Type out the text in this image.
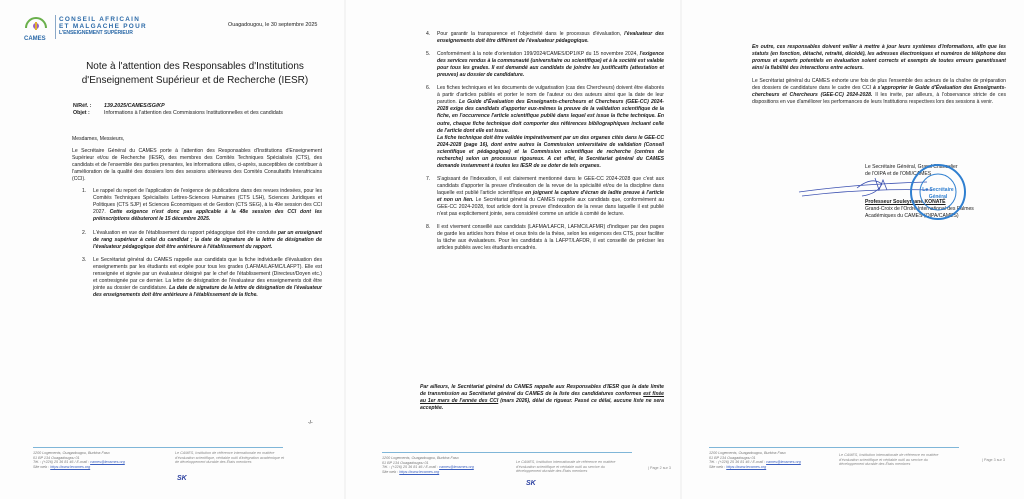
CAMES
CONSEIL AFRICAIN
ET MALGACHE POUR
L'ENSEIGNEMENT SUPÉRIEUR
Ouagadougou, le 30 septembre 2025
Note à l'attention des Responsables d'Institutions
d'Enseignement Supérieur et de Recherche (IESR)
N/Réf. : 139.2025/CAMES/SG/KP
Objet :	Informations à l'attention des Commissions Institutionnelles et des candidats

Mesdames, Messieurs,

Le Secrétaire Général du CAMES porte à l'attention des Responsables d'Institutions d'Enseignement Supérieur et/ou de Recherche (IESR), des membres des Comités Techniques Spécialisés (CTS), des candidats et de l'ensemble des parties prenantes, les informations utiles, ci-après, susceptibles de contribuer à l'amélioration de la qualité des dossiers lors des sessions ultérieures des Comités Consultatifs Interafricains (CCI).

1. Le rappel du report de l'application de l'exigence de publications dans des revues indexées, pour les Comités Techniques Spécialisés Lettres-Sciences Humaines (CTS LSH), Sciences Juridiques et Politiques (CTS SJP) et Sciences Économiques et de Gestion (CTS SEG), à la 49e session des CCI 2027. Cette exigence n'est donc pas applicable à la 48e session des CCI dont les préinscriptions débuteront le 15 décembre 2025.
2. L'évaluation en vue de l'établissement du rapport pédagogique doit être conduite par un enseignant de rang supérieur à celui du candidat ; la date de signature de la lettre de désignation de l'évaluateur pédagogique doit être antérieure à l'établissement du rapport.
3. Le Secrétariat général du CAMES rappelle aux candidats que la fiche individuelle d'évaluation des enseignements par les étudiants est exigée pour tous les grades (LAFMA/LAFMC/LAFPT). Elle est renseignée et signée par un évaluateur désigné par le chef de l'établissement (Directeur/Doyen etc.) et contresignée par ce dernier. La lettre de désignation de l'évaluateur des enseignements doit être jointe au dossier de candidature. La date de signature de la lettre de désignation de l'évaluateur des enseignements doit être antérieure à l'établissement de la fiche.
-/-
1200 Logements, Ouagadougou, Burkina Faso
01 BP 134 Ouagadougou 01
Tél. : (+226) 25 36 81 46 / E-mail : cames@lecames.org
Site web : https://www.lecames.org
Le CAMES, Institution de référence internationale en matière d'évaluation scientifique, véritable outil d'intégration académique et de développement durable des États membres
SK
4. Pour garantir la transparence et l'objectivité dans le processus d'évaluation, l'évaluateur des enseignements doit être différent de l'évaluateur pédagogique.
5. Conformément à la note d'orientation 199/2024/CAMES/DP1/KP du 15 novembre 2024, l'exigence des services rendus à la communauté (universitaire ou scientifique) et à la société est valable pour tous les grades. Il est demandé aux candidats de joindre les justificatifs (attestation et preuves) au dossier de candidature.
6. Les fiches techniques et les documents de vulgarisation (cas des Chercheurs) doivent être élaborés à partir d'articles publiés et porter le nom de l'auteur ou des auteurs ainsi que la date de leur parution. Le Guide d'Évaluation des Enseignants-chercheurs et Chercheurs (GEE-CC) 2024-2028 exige des candidats d'apporter eux-mêmes la preuve de la validation scientifique de la fiche, en l'occurrence l'article scientifique publié dans lequel est issue la fiche technique. En outre, chaque fiche technique doit comporter des références bibliographiques incluant celle de l'article dont elle est issue.
La fiche technique doit être validée impérativement par un des organes cités dans le GEE-CC 2024-2028 (page 16), dont entre autres la Commission universitaire de validation (Conseil scientifique et pédagogique) et la Commission scientifique de recherche (centres de recherche) selon un processus rigoureux. A cet effet, le Secrétariat général du CAMES demande instamment à toutes les IESR de se doter de tels organes.
7. S'agissant de l'indexation, il est clairement mentionné dans le GEE-CC 2024-2028 que c'est aux candidats d'apporter la preuve d'indexation de la revue de la spécialité et/ou de la discipline dans laquelle est publié l'article scientifique en joignant la capture d'écran de ladite preuve à l'article et non un lien. Le Secrétariat général du CAMES rappelle aux candidats que, conformément au GEE-CC 2024-2028, tout article dont la preuve d'indexation de la revue dans laquelle il est publié n'est pas explicitement jointe, sera considéré comme un article à comité de lecture.
8. Il est vivement conseillé aux candidats (LAFMA/LAFCR, LAFMC/LAFMR) d'indiquer par des pages de garde les articles hors thèse et ceux tirés de la thèse, selon les exigences des CTS, pour faciliter la tâche aux évaluateurs. Pour les candidats à la LAFPT/LAFDR, il est conseillé de préciser les articles publiés avec les étudiants encadrés.
Par ailleurs, le Secrétariat général du CAMES rappelle aux Responsables d'IESR que la date limite de transmission au Secrétariat général du CAMES de la liste des candidatures conformes est fixée au 1er mars de l'année des CCI (mars 2026), délai de rigueur. Passé ce délai, aucune liste ne sera acceptée.
1200 Logements, Ouagadougou, Burkina Faso
01 BP 134 Ouagadougou 01
Tél. : (+226) 25 36 81 46 / E-mail : cames@lecames.org
Site web : https://www.lecames.org
Le CAMES, Institution internationale de référence en matière d'évaluation scientifique et véritable outil au service du développement durable des États membres
| Page 2 sur 3
SK

En outre, ces responsables doivent veiller à mettre à jour leurs systèmes d'informations, afin que les statuts (en fonction, détaché, retraité, décédé), les adresses électroniques et numéros de téléphone des promus et experts potentiels en évaluation soient corrects et exempts de toutes erreurs garantissant ainsi la fiabilité des interactions entre acteurs.

Le Secrétariat général du CAMES exhorte une fois de plus l'ensemble des acteurs de la chaîne de préparation des dossiers de candidature dans le cadre des CCI à s'approprier le Guide d'Évaluation des Enseignants-chercheurs et Chercheurs (GEE-CC) 2024-2028. Il les invite, par ailleurs, à l'observance stricte de ces dispositions en vue d'améliorer les performances de leurs Institutions respectives lors des sessions à venir.

Le Secrétaire Général, Grand Chancelier
de l'OIPA et de l'OMI/CAMES
Professeur Souleymane KONATÉ
Grand-Croix de l'Ordre International des Palmes
Académiques du CAMES (OIPA/CAMES)
Le Secrétaire
Général
1200 Logements, Ouagadougou, Burkina Faso
01 BP 134 Ouagadougou 01
Tél. : (+226) 25 36 81 46 / E-mail : cames@lecames.org
Site web : https://www.lecames.org
Le CAMES, Institution internationale de référence en matière d'évaluation scientifique et véritable outil au service du développement durable des États membres
| Page 3 sur 3
